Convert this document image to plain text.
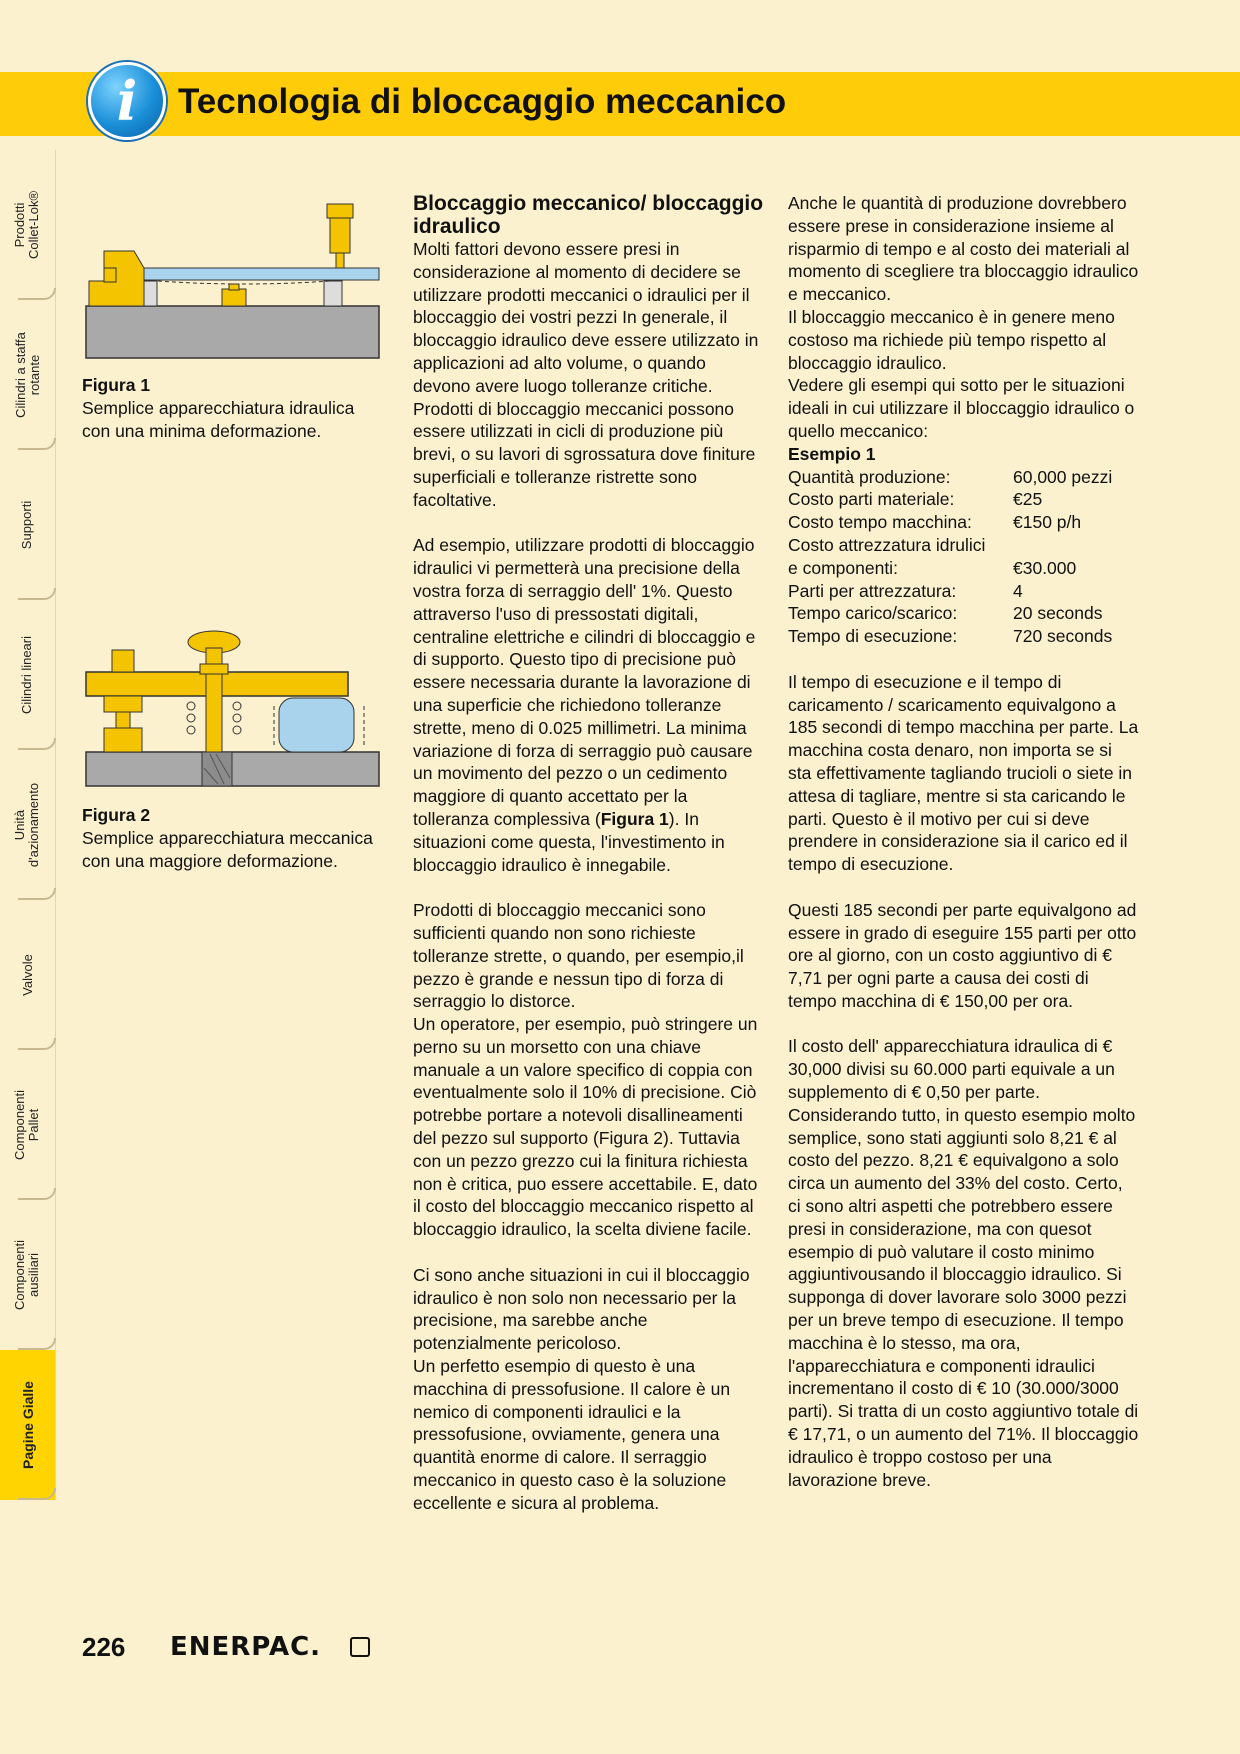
Prodotti
Collet-Lok®
Cilindri a staffa
rotante
Supporti
Cilindri lineari
Unità
d'azionamento
Valvole
Componenti
Pallet
Componenti
ausiliari
Pagine Gialle
i Tecnologia di bloccaggio meccanico
Figura 1
Semplice apparecchiatura idraulica con una minima deformazione.
Figura 2
Semplice apparecchiatura meccanica con una maggiore deformazione.
Bloccaggio meccanico/ bloccaggio idraulico

Molti fattori devono essere presi in considerazione al momento di decidere se utilizzare prodotti meccanici o idraulici per il bloccaggio dei vostri pezzi In generale, il bloccaggio idraulico deve essere utilizzato in applicazioni ad alto volume, o quando devono avere luogo tolleranze critiche. Prodotti di bloccaggio meccanici possono essere utilizzati in cicli di produzione più brevi, o su lavori di sgrossatura dove finiture superficiali e tolleranze ristrette sono facoltative.

Ad esempio, utilizzare prodotti di bloccaggio idraulici vi permetterà una precisione della vostra forza di serraggio dell' 1%. Questo attraverso l'uso di pressostati digitali, centraline elettriche e cilindri di bloccaggio e di supporto. Questo tipo di precisione può essere necessaria durante la lavorazione di una superficie che richiedono tolleranze strette, meno di 0.025 millimetri. La minima variazione di forza di serraggio può causare un movimento del pezzo o un cedimento maggiore di quanto accettato per la tolleranza complessiva (Figura 1). In situazioni come questa, l'investimento in bloccaggio idraulico è innegabile.

Prodotti di bloccaggio meccanici sono sufficienti quando non sono richieste tolleranze strette, o quando, per esempio,il pezzo è grande e nessun tipo di forza di serraggio lo distorce.

Un operatore, per esempio, può stringere un perno su un morsetto con una chiave manuale a un valore specifico di coppia con eventualmente solo il 10% di precisione. Ciò potrebbe portare a notevoli disallineamenti del pezzo sul supporto (Figura 2). Tuttavia con un pezzo grezzo cui la finitura richiesta non è critica, puo essere accettabile. E, dato il costo del bloccaggio meccanico rispetto al bloccaggio idraulico, la scelta diviene facile.

Ci sono anche situazioni in cui il bloccaggio idraulico è non solo non necessario per la precisione, ma sarebbe anche potenzialmente pericoloso.

Un perfetto esempio di questo è una macchina di pressofusione. Il calore è un nemico di componenti idraulici e la pressofusione, ovviamente, genera una quantità enorme di calore. Il serraggio meccanico in questo caso è la soluzione eccellente e sicura al problema.

Anche le quantità di produzione dovrebbero essere prese in considerazione insieme al risparmio di tempo e al costo dei materiali al momento di scegliere tra bloccaggio idraulico e meccanico.
Il bloccaggio meccanico è in genere meno costoso ma richiede più tempo rispetto al bloccaggio idraulico.
Vedere gli esempi qui sotto per le situazioni ideali in cui utilizzare il bloccaggio idraulico o quello meccanico:
Esempio 1
Quantità produzione:	60,000 pezzi
Costo parti materiale:	€25
Costo tempo macchina:	€150 p/h
Costo attrezzatura idrulici	
e componenti:	€30.000
Parti per attrezzatura:	4
Tempo carico/scarico:	20 seconds
Tempo di esecuzione:	720 seconds

Il tempo di esecuzione e il tempo di caricamento / scaricamento equivalgono a 185 secondi di tempo macchina per parte. La macchina costa denaro, non importa se si sta effettivamente tagliando trucioli o siete in attesa di tagliare, mentre si sta caricando le parti. Questo è il motivo per cui si deve prendere in considerazione sia il carico ed il tempo di esecuzione.

Questi 185 secondi per parte equivalgono ad essere in grado di eseguire 155 parti per otto ore al giorno, con un costo aggiuntivo di € 7,71 per ogni parte a causa dei costi di tempo macchina di € 150,00 per ora.

Il costo dell' apparecchiatura idraulica di € 30,000 divisi su 60.000 parti equivale a un supplemento di € 0,50 per parte. Considerando tutto, in questo esempio molto semplice, sono stati aggiunti solo 8,21 € al costo del pezzo. 8,21 € equivalgono a solo circa un aumento del 33% del costo. Certo, ci sono altri aspetti che potrebbero essere presi in considerazione, ma con quesot esempio di può valutare il costo minimo aggiuntivousando il bloccaggio idraulico. Si supponga di dover lavorare solo 3000 pezzi per un breve tempo di esecuzione. Il tempo macchina è lo stesso, ma ora, l'apparecchiatura e componenti idraulici incrementano il costo di € 10 (30.000/3000 parti). Si tratta di un costo aggiuntivo totale di € 17,71, o un aumento del 71%. Il bloccaggio idraulico è troppo costoso per una lavorazione breve.

226 ENERPAC.
